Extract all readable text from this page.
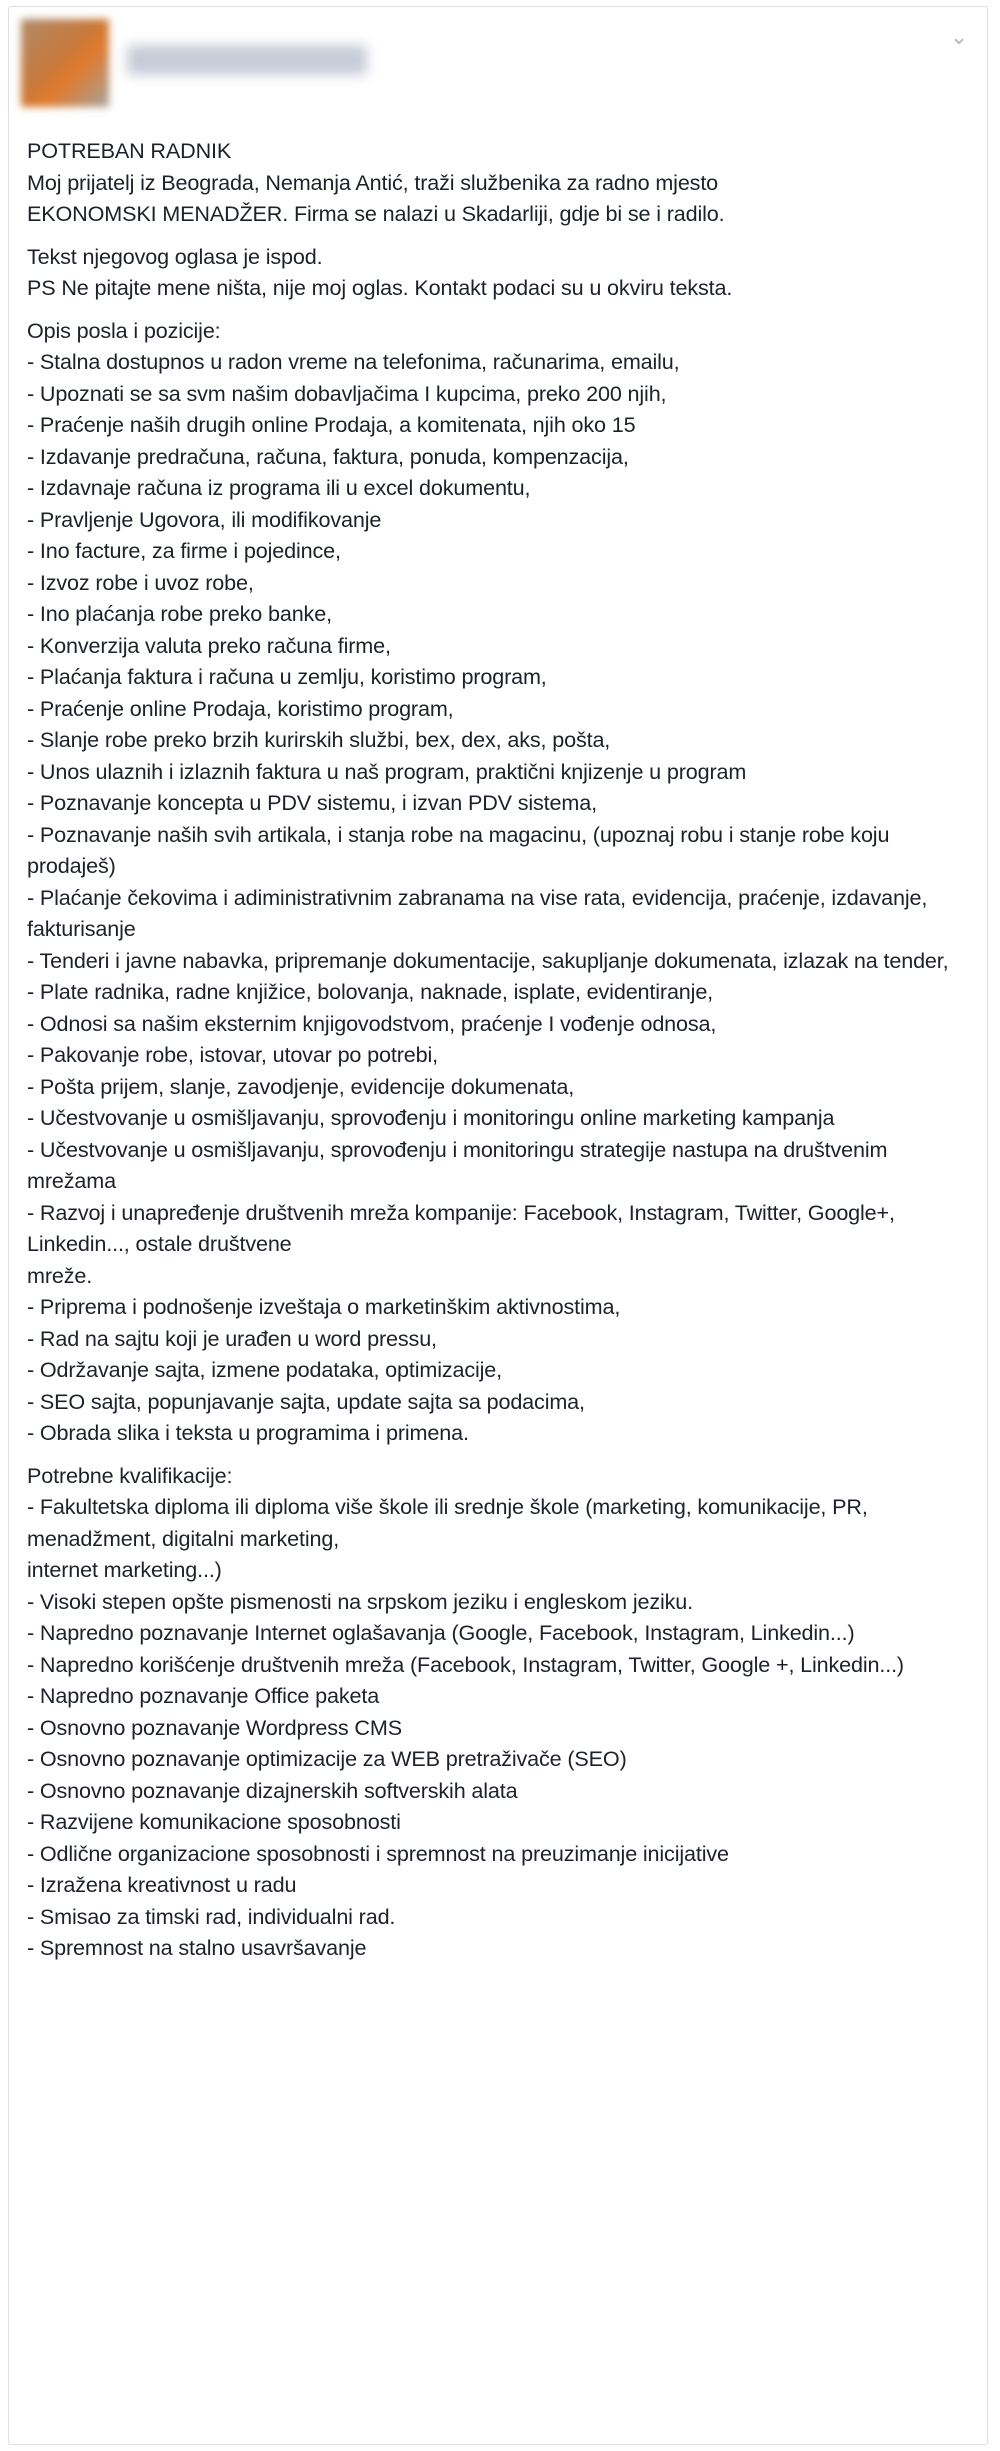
⌄
POTREBAN RADNIK
Moj prijatelj iz Beograda, Nemanja Antić, traži službenika za radno mjesto
EKONOMSKI MENADŽER. Firma se nalazi u Skadarliji, gdje bi se i radilo.
Tekst njegovog oglasa je ispod.
PS Ne pitajte mene ništa, nije moj oglas. Kontakt podaci su u okviru teksta.
Opis posla i pozicije:
- Stalna dostupnos u radon vreme na telefonima, računarima, emailu,
- Upoznati se sa svm našim dobavljačima I kupcima, preko 200 njih,
- Praćenje naših drugih online Prodaja, a komitenata, njih oko 15
- Izdavanje predračuna, računa, faktura, ponuda, kompenzacija,
- Izdavnaje računa iz programa ili u excel dokumentu,
- Pravljenje Ugovora, ili modifikovanje
- Ino facture, za firme i pojedince,
- Izvoz robe i uvoz robe,
- Ino plaćanja robe preko banke,
- Konverzija valuta preko računa firme,
- Plaćanja faktura i računa u zemlju, koristimo program,
- Praćenje online Prodaja, koristimo program,
- Slanje robe preko brzih kurirskih službi, bex, dex, aks, pošta,
- Unos ulaznih i izlaznih faktura u naš program, praktični knjizenje u program
- Poznavanje koncepta u PDV sistemu, i izvan PDV sistema,
- Poznavanje naših svih artikala, i stanja robe na magacinu, (upoznaj robu i stanje robe koju prodaješ)
- Plaćanje čekovima i adiministrativnim zabranama na vise rata, evidencija, praćenje, izdavanje, fakturisanje
- Tenderi i javne nabavka, pripremanje dokumentacije, sakupljanje dokumenata, izlazak na tender,
- Plate radnika, radne knjižice, bolovanja, naknade, isplate, evidentiranje,
- Odnosi sa našim eksternim knjigovodstvom, praćenje I vođenje odnosa,
- Pakovanje robe, istovar, utovar po potrebi,
- Pošta prijem, slanje, zavodjenje, evidencije dokumenata,
- Učestvovanje u osmišljavanju, sprovođenju i monitoringu online marketing kampanja
- Učestvovanje u osmišljavanju, sprovođenju i monitoringu strategije nastupa na društvenim mrežama
- Razvoj i unapređenje društvenih mreža kompanije: Facebook, Instagram, Twitter, Google+, Linkedin..., ostale društvene
mreže.
- Priprema i podnošenje izveštaja o marketinškim aktivnostima,
- Rad na sajtu koji je urađen u word pressu,
- Održavanje sajta, izmene podataka, optimizacije,
- SEO sajta, popunjavanje sajta, update sajta sa podacima,
- Obrada slika i teksta u programima i primena.
Potrebne kvalifikacije:
- Fakultetska diploma ili diploma više škole ili srednje škole (marketing, komunikacije, PR, menadžment, digitalni marketing,
internet marketing...)
- Visoki stepen opšte pismenosti na srpskom jeziku i engleskom jeziku.
- Napredno poznavanje Internet oglašavanja (Google, Facebook, Instagram, Linkedin...)
- Napredno korišćenje društvenih mreža (Facebook, Instagram, Twitter, Google +, Linkedin...)
- Napredno poznavanje Office paketa
- Osnovno poznavanje Wordpress CMS
- Osnovno poznavanje optimizacije za WEB pretraživače (SEO)
- Osnovno poznavanje dizajnerskih softverskih alata
- Razvijene komunikacione sposobnosti
- Odlične organizacione sposobnosti i spremnost na preuzimanje inicijative
- Izražena kreativnost u radu
- Smisao za timski rad, individualni rad.
- Spremnost na stalno usavršavanje
